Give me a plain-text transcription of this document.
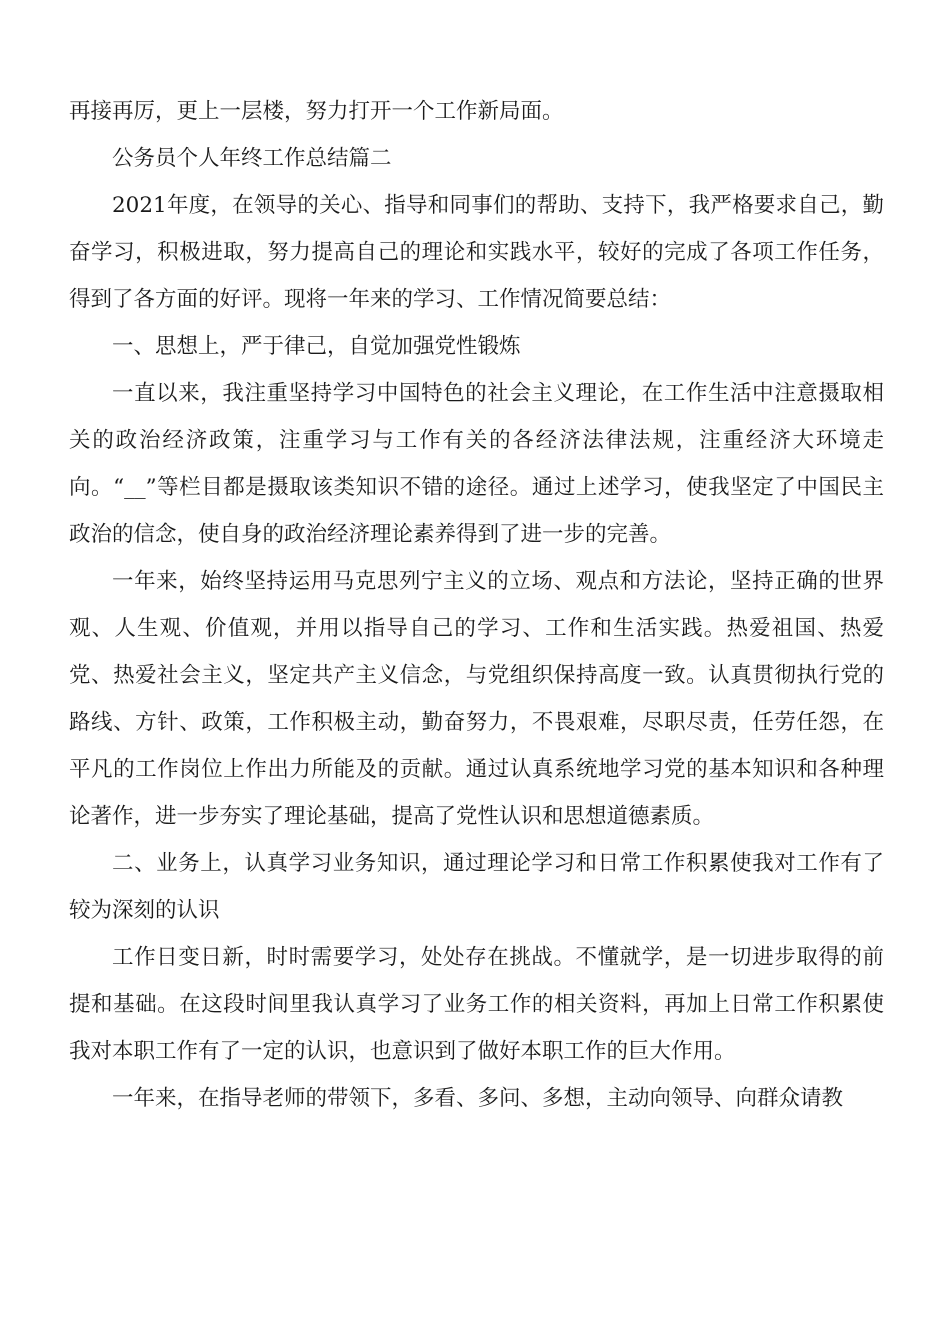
再接再厉，更上一层楼，努力打开一个工作新局面。

公务员个人年终工作总结篇二

2021年度，在领导的关心、指导和同事们的帮助、支持下，我严格要求自己，勤奋学习，积极进取，努力提高自己的理论和实践水平，较好的完成了各项工作任务，得到了各方面的好评。现将一年来的学习、工作情况简要总结：

一、思想上，严于律己，自觉加强党性锻炼

一直以来，我注重坚持学习中国特色的社会主义理论，在工作生活中注意摄取相关的政治经济政策，注重学习与工作有关的各经济法律法规，注重经济大环境走向。“__”等栏目都是摄取该类知识不错的途径。通过上述学习，使我坚定了中国民主政治的信念，使自身的政治经济理论素养得到了进一步的完善。

一年来，始终坚持运用马克思列宁主义的立场、观点和方法论，坚持正确的世界观、人生观、价值观，并用以指导自己的学习、工作和生活实践。热爱祖国、热爱党、热爱社会主义，坚定共产主义信念，与党组织保持高度一致。认真贯彻执行党的路线、方针、政策，工作积极主动，勤奋努力，不畏艰难，尽职尽责，任劳任怨，在平凡的工作岗位上作出力所能及的贡献。通过认真系统地学习党的基本知识和各种理论著作，进一步夯实了理论基础，提高了党性认识和思想道德素质。

二、业务上，认真学习业务知识，通过理论学习和日常工作积累使我对工作有了较为深刻的认识

工作日变日新，时时需要学习，处处存在挑战。不懂就学，是一切进步取得的前提和基础。在这段时间里我认真学习了业务工作的相关资料，再加上日常工作积累使我对本职工作有了一定的认识，也意识到了做好本职工作的巨大作用。

一年来，在指导老师的带领下，多看、多问、多想，主动向领导、向群众请教
